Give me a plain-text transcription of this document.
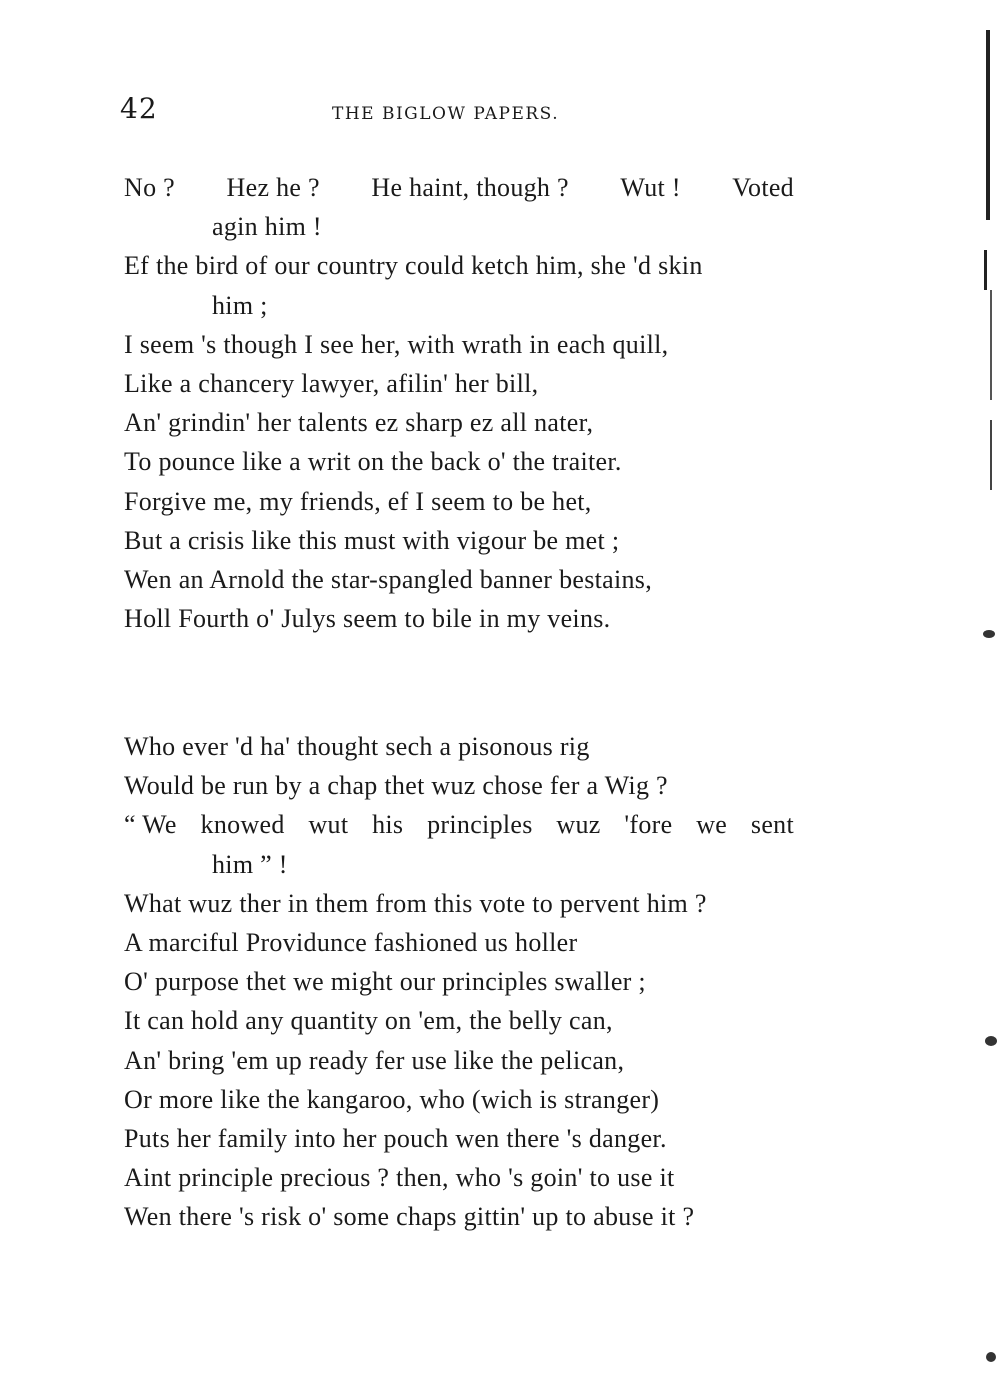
42	THE BIGLOW PAPERS.
No ? Hez he ? He haint, though ? Wut ! Voted
agin him !
Ef the bird of our country could ketch him, she 'd skin
him ;
I seem 's though I see her, with wrath in each quill,
Like a chancery lawyer, afilin' her bill,
An' grindin' her talents ez sharp ez all nater,
To pounce like a writ on the back o' the traiter.
Forgive me, my friends, ef I seem to be het,
But a crisis like this must with vigour be met ;
Wen an Arnold the star-spangled banner bestains,
Holl Fourth o' Julys seem to bile in my veins.
Who ever 'd ha' thought sech a pisonous rig
Would be run by a chap thet wuz chose fer a Wig ?
“ We knowed wut his principles wuz 'fore we sent
him ” !
What wuz ther in them from this vote to pervent him ?
A marciful Providunce fashioned us holler
O' purpose thet we might our principles swaller ;
It can hold any quantity on 'em, the belly can,
An' bring 'em up ready fer use like the pelican,
Or more like the kangaroo, who (wich is stranger)
Puts her family into her pouch wen there 's danger.
Aint principle precious ? then, who 's goin' to use it
Wen there 's risk o' some chaps gittin' up to abuse it ?
